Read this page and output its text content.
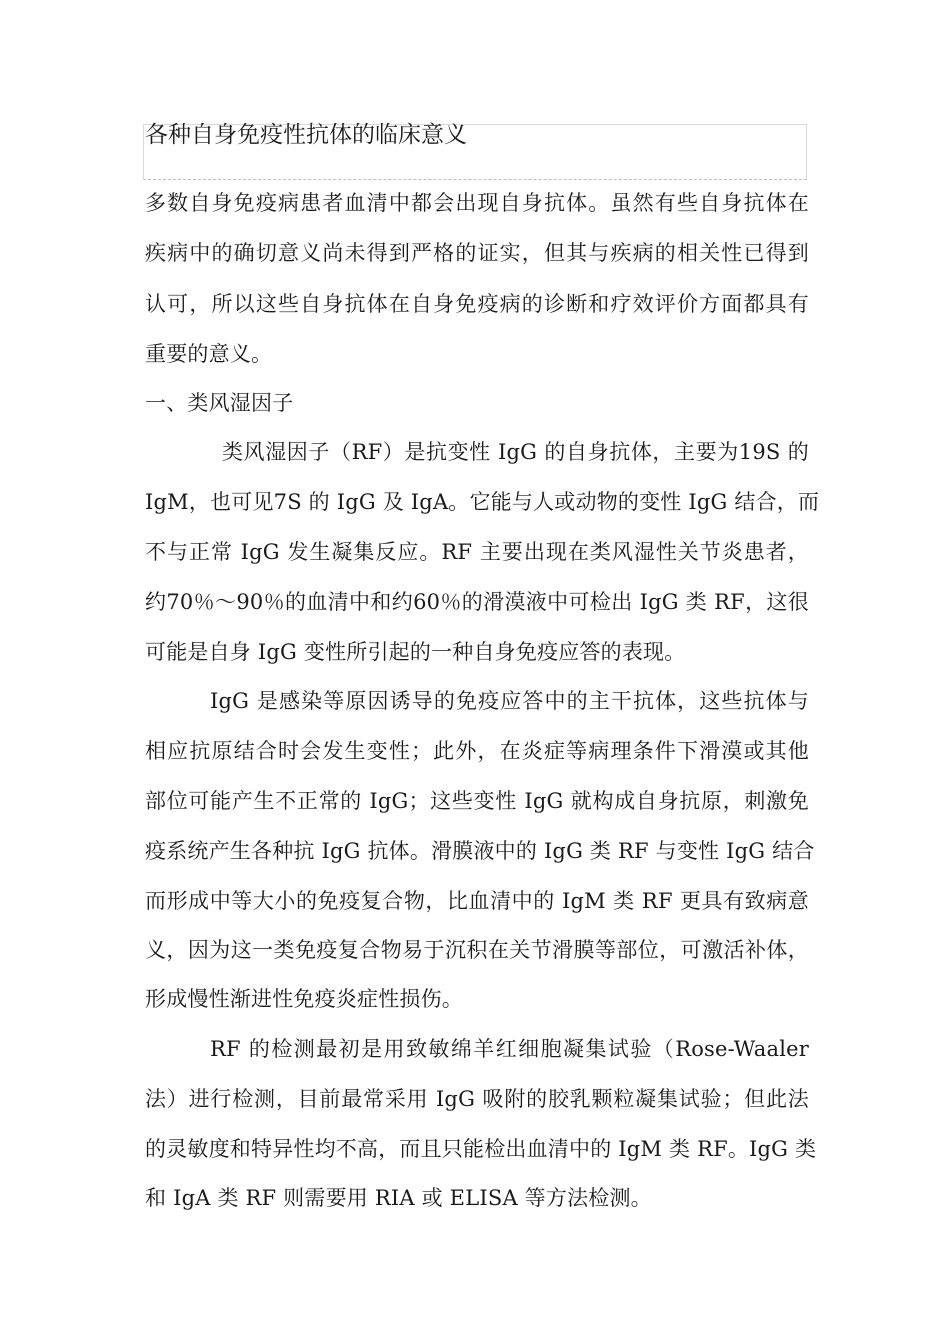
各种自身免疫性抗体的临床意义
多数自身免疫病患者血清中都会出现自身抗体。虽然有些自身抗体在
疾病中的确切意义尚未得到严格的证实，但其与疾病的相关性已得到
认可，所以这些自身抗体在自身免疫病的诊断和疗效评价方面都具有
重要的意义。
一、类风湿因子
类风湿因子（RF）是抗变性 IgG 的自身抗体，主要为19S 的
IgM，也可见7S 的 IgG 及 IgA。它能与人或动物的变性 IgG 结合，而
不与正常 IgG 发生凝集反应。RF 主要出现在类风湿性关节炎患者，
约70％～90％的血清中和约60％的滑漠液中可检出 IgG 类 RF，这很
可能是自身 IgG 变性所引起的一种自身免疫应答的表现。
IgG 是感染等原因诱导的免疫应答中的主干抗体，这些抗体与
相应抗原结合时会发生变性；此外，在炎症等病理条件下滑漠或其他
部位可能产生不正常的 IgG；这些变性 IgG 就构成自身抗原，刺激免
疫系统产生各种抗 IgG 抗体。滑膜液中的 IgG 类 RF 与变性 IgG 结合
而形成中等大小的免疫复合物，比血清中的 IgM 类 RF 更具有致病意
义，因为这一类免疫复合物易于沉积在关节滑膜等部位，可激活补体，
形成慢性渐进性免疫炎症性损伤。
RF 的检测最初是用致敏绵羊红细胞凝集试验（Rose-Waaler
法）进行检测，目前最常采用 IgG 吸附的胶乳颗粒凝集试验；但此法
的灵敏度和特异性均不高，而且只能检出血清中的 IgM 类 RF。IgG 类
和 IgA 类 RF 则需要用 RIA 或 ELISA 等方法检测。
